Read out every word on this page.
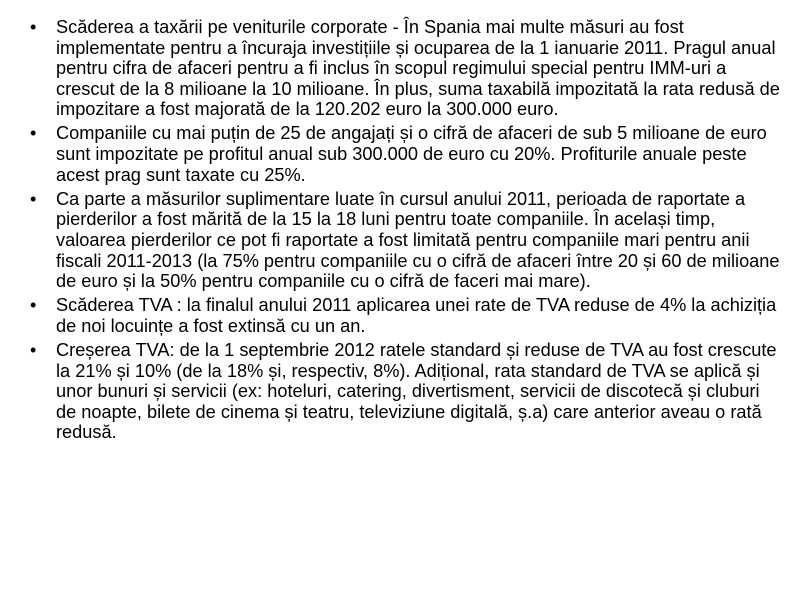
• Scăderea a taxării pe veniturile corporate - În Spania mai multe măsuri au fost implementate pentru a încuraja investițiile și ocuparea de la 1 ianuarie 2011. Pragul anual pentru cifra de afaceri pentru a fi inclus în scopul regimului special pentru IMM-uri a crescut de la 8 milioane la 10 milioane. În plus, suma taxabilă impozitată la rata redusă de impozitare a fost majorată de la 120.202 euro la 300.000 euro.
• Companiile cu mai puțin de 25 de angajați și o cifră de afaceri de sub 5 milioane de euro sunt impozitate pe profitul anual sub 300.000 de euro cu 20%. Profiturile anuale peste acest prag sunt taxate cu 25%.
• Ca parte a măsurilor suplimentare luate în cursul anului 2011, perioada de raportate a pierderilor a fost mărită de la 15 la 18 luni pentru toate companiile. În același timp, valoarea pierderilor ce pot fi raportate a fost limitată pentru companiile mari pentru anii fiscali 2011-2013 (la 75% pentru companiile cu o cifră de afaceri între 20 și 60 de milioane de euro și la 50% pentru companiile cu o cifră de faceri mai mare).
• Scăderea TVA : la finalul anului 2011 aplicarea unei rate de TVA reduse de 4% la achiziția de noi locuințe a fost extinsă cu un an.
• Creșerea TVA: de la 1 septembrie 2012 ratele standard și reduse de TVA au fost crescute la 21% și 10% (de la 18% și, respectiv, 8%). Adițional, rata standard de TVA se aplică și unor bunuri și servicii (ex: hoteluri, catering, divertisment, servicii de discotecă și cluburi de noapte, bilete de cinema și teatru, televiziune digitală, ș.a) care anterior aveau o rată redusă.
